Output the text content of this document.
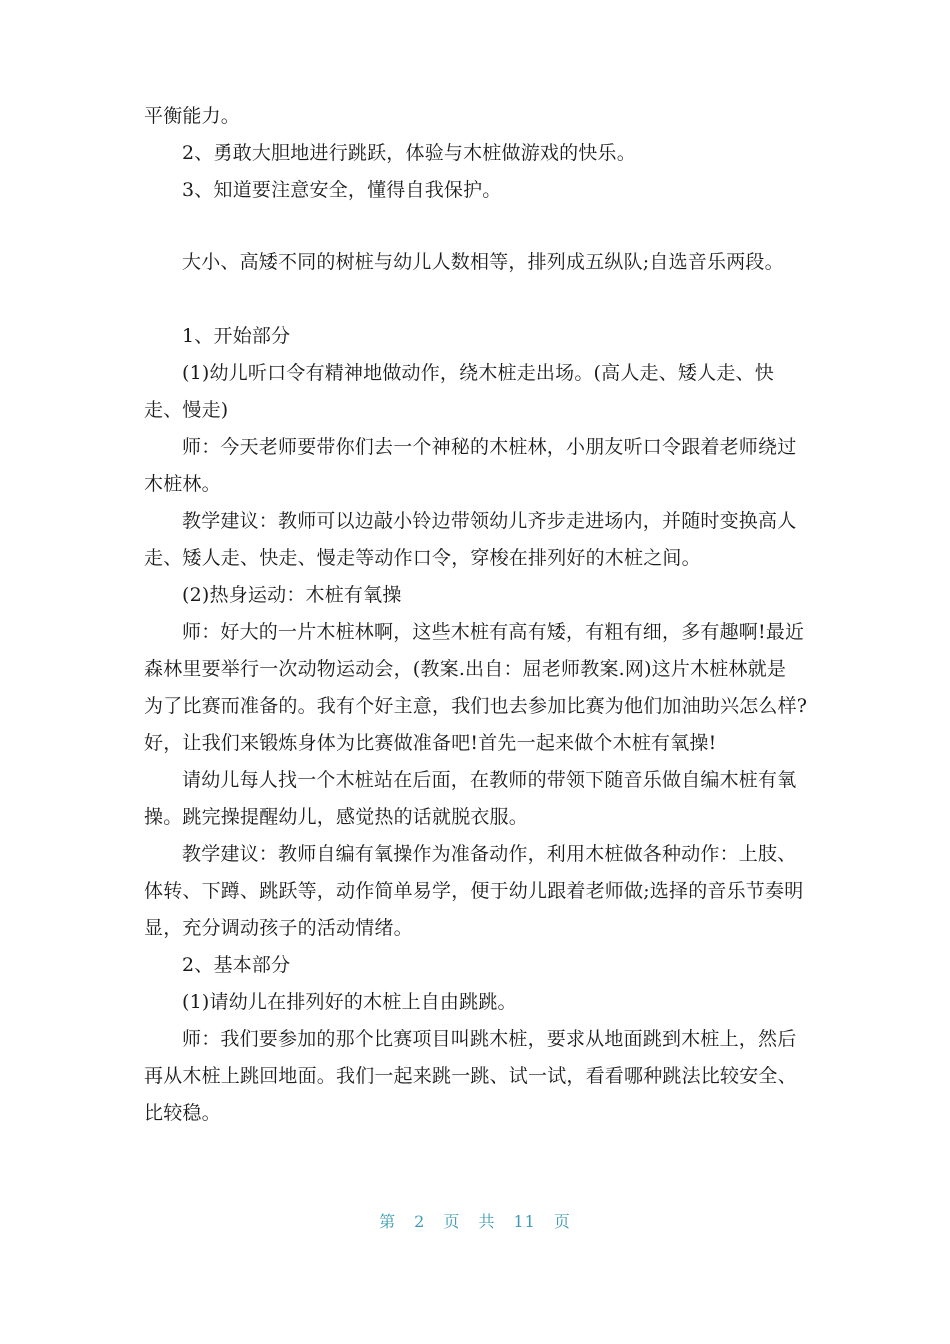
平衡能力。
2、勇敢大胆地进行跳跃，体验与木桩做游戏的快乐。
3、知道要注意安全，懂得自我保护。
大小、高矮不同的树桩与幼儿人数相等，排列成五纵队;自选音乐两段。
1、开始部分
(1)幼儿听口令有精神地做动作，绕木桩走出场。(高人走、矮人走、快
走、慢走)
师：今天老师要带你们去一个神秘的木桩林，小朋友听口令跟着老师绕过
木桩林。
教学建议：教师可以边敲小铃边带领幼儿齐步走进场内，并随时变换高人
走、矮人走、快走、慢走等动作口令，穿梭在排列好的木桩之间。
(2)热身运动：木桩有氧操
师：好大的一片木桩林啊，这些木桩有高有矮，有粗有细，多有趣啊!最近
森林里要举行一次动物运动会，(教案.出自：屈老师教案.网)这片木桩林就是
为了比赛而准备的。我有个好主意，我们也去参加比赛为他们加油助兴怎么样?
好，让我们来锻炼身体为比赛做准备吧!首先一起来做个木桩有氧操!
请幼儿每人找一个木桩站在后面，在教师的带领下随音乐做自编木桩有氧
操。跳完操提醒幼儿，感觉热的话就脱衣服。
教学建议：教师自编有氧操作为准备动作，利用木桩做各种动作：上肢、
体转、下蹲、跳跃等，动作简单易学，便于幼儿跟着老师做;选择的音乐节奏明
显，充分调动孩子的活动情绪。
2、基本部分
(1)请幼儿在排列好的木桩上自由跳跳。
师：我们要参加的那个比赛项目叫跳木桩，要求从地面跳到木桩上，然后
再从木桩上跳回地面。我们一起来跳一跳、试一试，看看哪种跳法比较安全、
比较稳。
第 2 页 共 11 页
